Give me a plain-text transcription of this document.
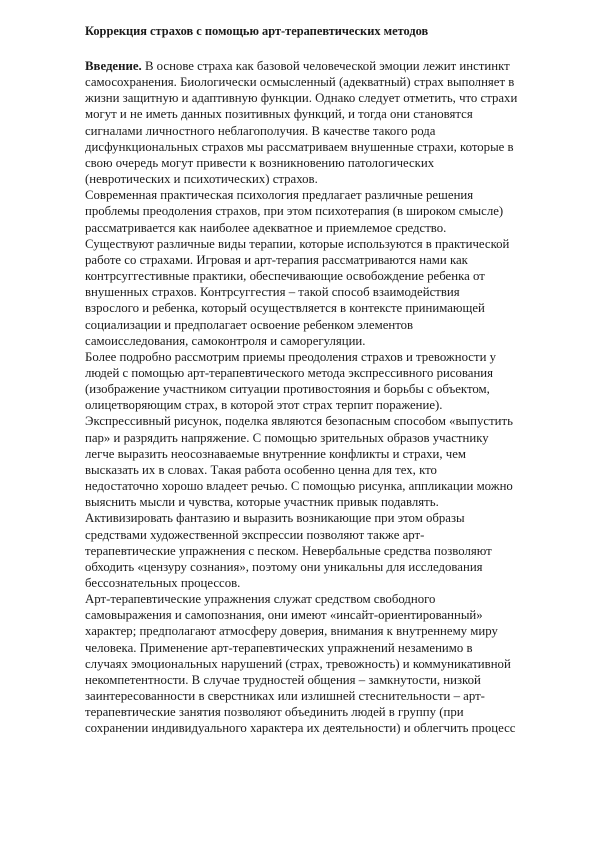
Коррекция страхов с помощью арт-терапевтических методов
Введение. В основе страха как базовой человеческой эмоции лежит инстинкт
самосохранения. Биологически осмысленный (адекватный) страх выполняет в
жизни защитную и адаптивную функции. Однако следует отметить, что страхи
могут и не иметь данных позитивных функций, и тогда они становятся
сигналами личностного неблагополучия. В качестве такого рода
дисфункциональных страхов мы рассматриваем внушенные страхи, которые в
свою очередь могут привести к возникновению патологических
(невротических и психотических) страхов.
Современная практическая психология предлагает различные решения
проблемы преодоления страхов, при этом психотерапия (в широком смысле)
рассматривается как наиболее адекватное и приемлемое средство.
Существуют различные виды терапии, которые используются в практической
работе со страхами. Игровая и арт-терапия рассматриваются нами как
контрсуггестивные практики, обеспечивающие освобождение ребенка от
внушенных страхов. Контрсуггестия – такой способ взаимодействия
взрослого и ребенка, который осуществляется в контексте принимающей
социализации и предполагает освоение ребенком элементов
самоисследования, самоконтроля и саморегуляции.
Более подробно рассмотрим приемы преодоления страхов и тревожности у
людей с помощью арт-терапевтического метода экспрессивного рисования
(изображение участником ситуации противостояния и борьбы с объектом,
олицетворяющим страх, в которой этот страх терпит поражение).
Экспрессивный рисунок, поделка являются безопасным способом «выпустить
пар» и разрядить напряжение. С помощью зрительных образов участнику
легче выразить неосознаваемые внутренние конфликты и страхи, чем
высказать их в словах. Такая работа особенно ценна для тех, кто
недостаточно хорошо владеет речью. С помощью рисунка, аппликации можно
выяснить мысли и чувства, которые участник привык подавлять.
Активизировать фантазию и выразить возникающие при этом образы
средствами художественной экспрессии позволяют также арт-
терапевтические упражнения с песком. Невербальные средства позволяют
обходить «цензуру сознания», поэтому они уникальны для исследования
бессознательных процессов.
Арт-терапевтические упражнения служат средством свободного
самовыражения и самопознания, они имеют «инсайт-ориентированный»
характер; предполагают атмосферу доверия, внимания к внутреннему миру
человека. Применение арт-терапевтических упражнений незаменимо в
случаях эмоциональных нарушений (страх, тревожность) и коммуникативной
некомпетентности. В случае трудностей общения – замкнутости, низкой
заинтересованности в сверстниках или излишней стеснительности – арт-
терапевтические занятия позволяют объединить людей в группу (при
сохранении индивидуального характера их деятельности) и облегчить процесс
